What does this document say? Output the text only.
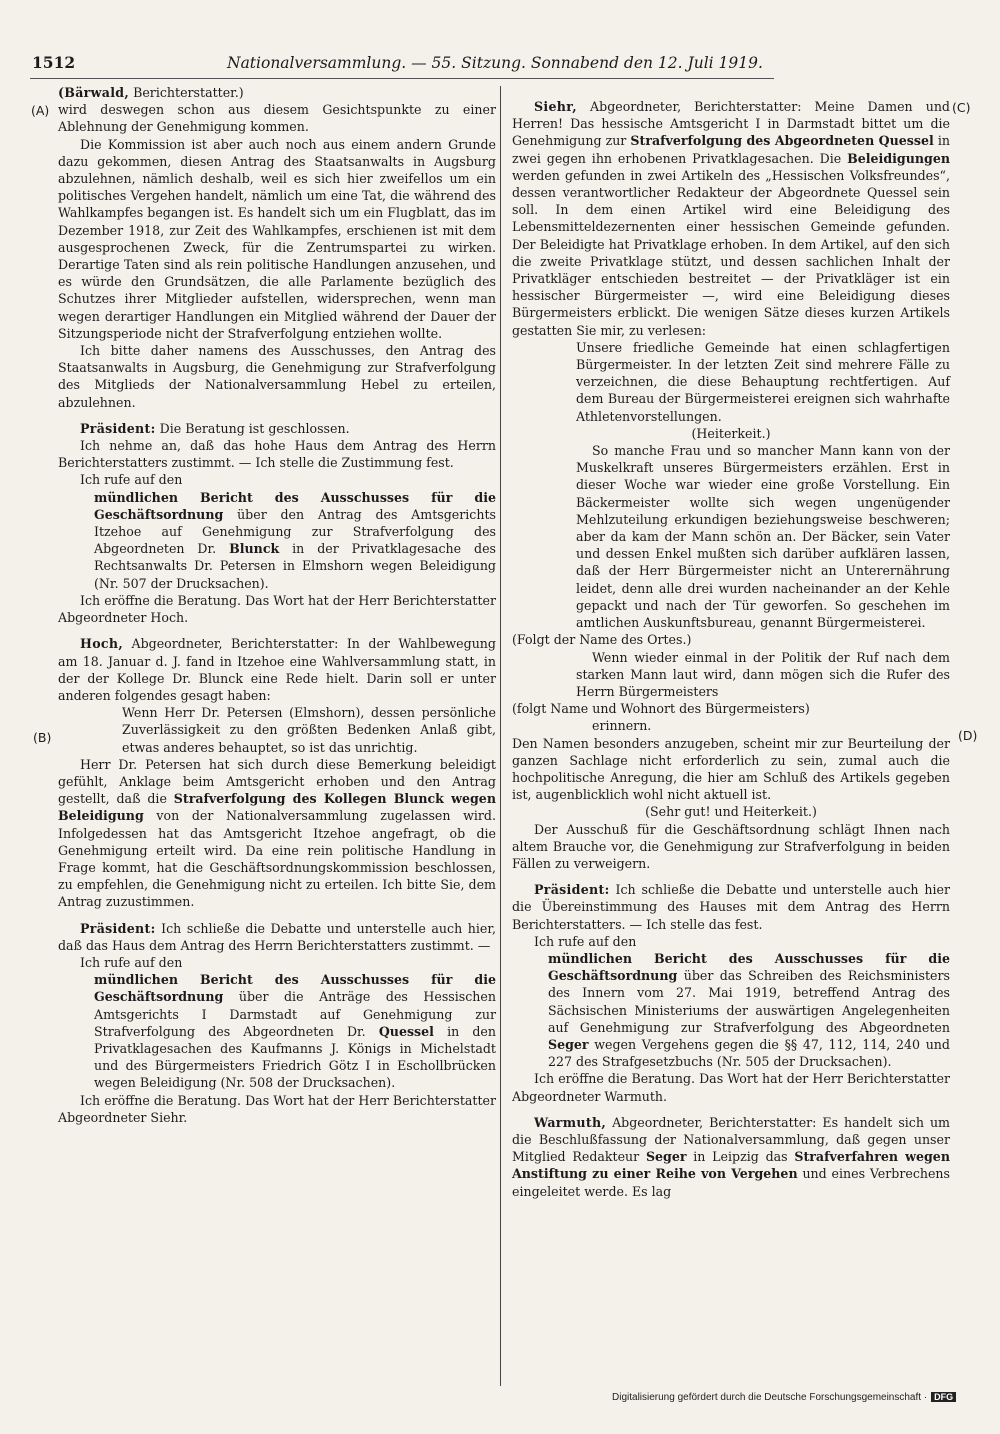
1512	Nationalversammlung. — 55. Sitzung. Sonnabend den 12. Juli 1919.
(A)
(B)
(C)
(D)

(Bärwald, Berichterstatter.)

wird deswegen schon aus diesem Gesichtspunkte zu einer Ablehnung der Genehmigung kommen.

Die Kommission ist aber auch noch aus einem andern Grunde dazu gekommen, diesen Antrag des Staatsanwalts in Augsburg abzulehnen, nämlich deshalb, weil es sich hier zweifellos um ein politisches Vergehen handelt, nämlich um eine Tat, die während des Wahlkampfes begangen ist. Es handelt sich um ein Flugblatt, das im Dezember 1918, zur Zeit des Wahlkampfes, erschienen ist mit dem ausgesprochenen Zweck, für die Zentrumspartei zu wirken. Derartige Taten sind als rein politische Handlungen anzusehen, und es würde den Grundsätzen, die alle Parlamente bezüglich des Schutzes ihrer Mitglieder aufstellen, widersprechen, wenn man wegen derartiger Handlungen ein Mitglied während der Dauer der Sitzungsperiode nicht der Strafverfolgung entziehen wollte.

Ich bitte daher namens des Ausschusses, den Antrag des Staatsanwalts in Augsburg, die Genehmigung zur Strafverfolgung des Mitglieds der Nationalversammlung Hebel zu erteilen, abzulehnen.

Präsident: Die Beratung ist geschlossen.

Ich nehme an, daß das hohe Haus dem Antrag des Herrn Berichterstatters zustimmt. — Ich stelle die Zustimmung fest.

Ich rufe auf den

mündlichen Bericht des Ausschusses für die Geschäftsordnung über den Antrag des Amtsgerichts Itzehoe auf Genehmigung zur Strafverfolgung des Abgeordneten Dr. Blunck in der Privatklagesache des Rechtsanwalts Dr. Petersen in Elmshorn wegen Beleidigung (Nr. 507 der Drucksachen).

Ich eröffne die Beratung. Das Wort hat der Herr Berichterstatter Abgeordneter Hoch.

Hoch, Abgeordneter, Berichterstatter: In der Wahlbewegung am 18. Januar d. J. fand in Itzehoe eine Wahlversammlung statt, in der der Kollege Dr. Blunck eine Rede hielt. Darin soll er unter anderen folgendes gesagt haben:

Wenn Herr Dr. Petersen (Elmshorn), dessen persönliche Zuverlässigkeit zu den größten Bedenken Anlaß gibt, etwas anderes behauptet, so ist das unrichtig.

Herr Dr. Petersen hat sich durch diese Bemerkung beleidigt gefühlt, Anklage beim Amtsgericht erhoben und den Antrag gestellt, daß die Strafverfolgung des Kollegen Blunck wegen Beleidigung von der Nationalversammlung zugelassen wird. Infolgedessen hat das Amtsgericht Itzehoe angefragt, ob die Genehmigung erteilt wird. Da eine rein politische Handlung in Frage kommt, hat die Geschäftsordnungskommission beschlossen, zu empfehlen, die Genehmigung nicht zu erteilen. Ich bitte Sie, dem Antrag zuzustimmen.

Präsident: Ich schließe die Debatte und unterstelle auch hier, daß das Haus dem Antrag des Herrn Berichterstatters zustimmt. —

Ich rufe auf den

mündlichen Bericht des Ausschusses für die Geschäftsordnung über die Anträge des Hessischen Amtsgerichts I Darmstadt auf Genehmigung zur Strafverfolgung des Abgeordneten Dr. Quessel in den Privatklagesachen des Kaufmanns J. Königs in Michelstadt und des Bürgermeisters Friedrich Götz I in Eschollbrücken wegen Beleidigung (Nr. 508 der Drucksachen).

Ich eröffne die Beratung. Das Wort hat der Herr Berichterstatter Abgeordneter Siehr.

Siehr, Abgeordneter, Berichterstatter: Meine Damen und Herren! Das hessische Amtsgericht I in Darmstadt bittet um die Genehmigung zur Strafverfolgung des Abgeordneten Quessel in zwei gegen ihn erhobenen Privatklagesachen. Die Beleidigungen werden gefunden in zwei Artikeln des „Hessischen Volksfreundes“, dessen verantwortlicher Redakteur der Abgeordnete Quessel sein soll. In dem einen Artikel wird eine Beleidigung des Lebensmitteldezernenten einer hessischen Gemeinde gefunden. Der Beleidigte hat Privatklage erhoben. In dem Artikel, auf den sich die zweite Privatklage stützt, und dessen sachlichen Inhalt der Privatkläger entschieden bestreitet — der Privatkläger ist ein hessischer Bürgermeister —, wird eine Beleidigung dieses Bürgermeisters erblickt. Die wenigen Sätze dieses kurzen Artikels gestatten Sie mir, zu verlesen:

Unsere friedliche Gemeinde hat einen schlagfertigen Bürgermeister. In der letzten Zeit sind mehrere Fälle zu verzeichnen, die diese Behauptung rechtfertigen. Auf dem Bureau der Bürgermeisterei ereignen sich wahrhafte Athletenvorstellungen.

(Heiterkeit.)

So manche Frau und so mancher Mann kann von der Muskelkraft unseres Bürgermeisters erzählen. Erst in dieser Woche war wieder eine große Vorstellung. Ein Bäckermeister wollte sich wegen ungenügender Mehlzuteilung erkundigen beziehungsweise beschweren; aber da kam der Mann schön an. Der Bäcker, sein Vater und dessen Enkel mußten sich darüber aufklären lassen, daß der Herr Bürgermeister nicht an Unterernährung leidet, denn alle drei wurden nacheinander an der Kehle gepackt und nach der Tür geworfen. So geschehen im amtlichen Auskunftsbureau, genannt Bürgermeisterei.

(Folgt der Name des Ortes.)

Wenn wieder einmal in der Politik der Ruf nach dem starken Mann laut wird, dann mögen sich die Rufer des Herrn Bürgermeisters

(folgt Name und Wohnort des Bürgermeisters)

erinnern.

Den Namen besonders anzugeben, scheint mir zur Beurteilung der ganzen Sachlage nicht erforderlich zu sein, zumal auch die hochpolitische Anregung, die hier am Schluß des Artikels gegeben ist, augenblicklich wohl nicht aktuell ist.

(Sehr gut! und Heiterkeit.)

Der Ausschuß für die Geschäftsordnung schlägt Ihnen nach altem Brauche vor, die Genehmigung zur Strafverfolgung in beiden Fällen zu verweigern.

Präsident: Ich schließe die Debatte und unterstelle auch hier die Übereinstimmung des Hauses mit dem Antrag des Herrn Berichterstatters. — Ich stelle das fest.

Ich rufe auf den

mündlichen Bericht des Ausschusses für die Geschäftsordnung über das Schreiben des Reichsministers des Innern vom 27. Mai 1919, betreffend Antrag des Sächsischen Ministeriums der auswärtigen Angelegenheiten auf Genehmigung zur Strafverfolgung des Abgeordneten Seger wegen Vergehens gegen die §§ 47, 112, 114, 240 und 227 des Strafgesetzbuchs (Nr. 505 der Drucksachen).

Ich eröffne die Beratung. Das Wort hat der Herr Berichterstatter Abgeordneter Warmuth.

Warmuth, Abgeordneter, Berichterstatter: Es handelt sich um die Beschlußfassung der Nationalversammlung, daß gegen unser Mitglied Redakteur Seger in Leipzig das Strafverfahren wegen Anstiftung zu einer Reihe von Vergehen und eines Verbrechens eingeleitet werde. Es lag

Digitalisierung gefördert durch die Deutsche Forschungsgemeinschaft · DFG
